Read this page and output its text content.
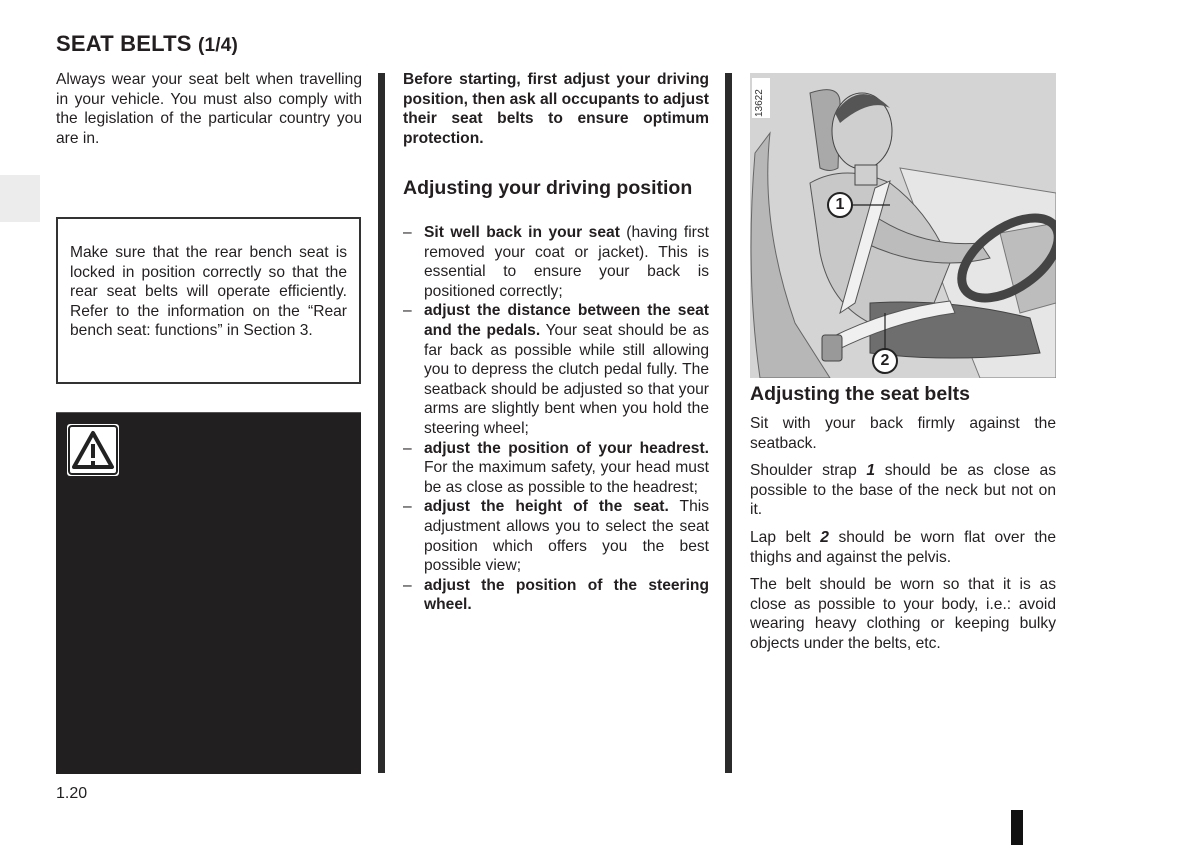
SEAT BELTS (1/4)
Always wear your seat belt when travelling in your vehicle. You must also comply with the legislation of the particular country you are in.

Make sure that the rear bench seat is locked in position correctly so that the rear seat belts will operate efficiently. Refer to the information on the “Rear bench seat: functions” in Section 3.

Before starting, first adjust your driving position, then ask all occupants to adjust their seat belts to ensure optimum protection.
Adjusting your driving position
– Sit well back in your seat (having first removed your coat or jacket). This is essential to ensure your back is positioned correctly;
– adjust the distance between the seat and the pedals. Your seat should be as far back as possible while still allowing you to depress the clutch pedal fully. The seatback should be adjusted so that your arms are slightly bent when you hold the steering wheel;
– adjust the position of your headrest. For the maximum safety, your head must be as close as possible to the headrest;
– adjust the height of the seat. This adjustment allows you to select the seat position which offers you the best possible view;
– adjust the position of the steering wheel.
13622
1
2
Adjusting the seat belts

Sit with your back firmly against the seatback.

Shoulder strap 1 should be as close as possible to the base of the neck but not on it.

Lap belt 2 should be worn flat over the thighs and against the pelvis.

The belt should be worn so that it is as close as possible to your body, i.e.: avoid wearing heavy clothing or keeping bulky objects under the belts, etc.

1.20
